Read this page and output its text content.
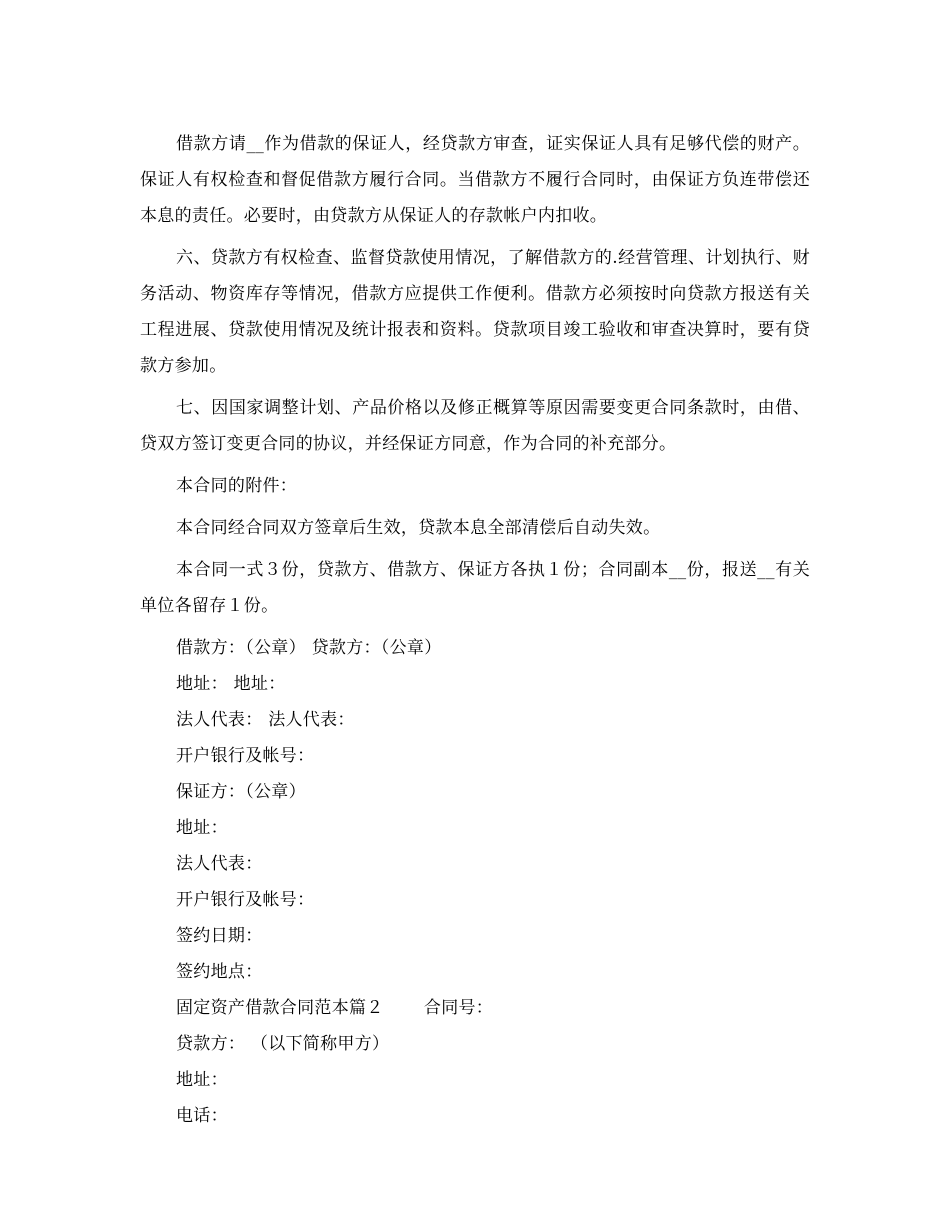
借款方请__作为借款的保证人，经贷款方审查，证实保证人具有足够代偿的财产。保证人有权检查和督促借款方履行合同。当借款方不履行合同时，由保证方负连带偿还本息的责任。必要时，由贷款方从保证人的存款帐户内扣收。

六、贷款方有权检查、监督贷款使用情况，了解借款方的.经营管理、计划执行、财务活动、物资库存等情况，借款方应提供工作便利。借款方必须按时向贷款方报送有关工程进展、贷款使用情况及统计报表和资料。贷款项目竣工验收和审查决算时，要有贷款方参加。

七、因国家调整计划、产品价格以及修正概算等原因需要变更合同条款时，由借、贷双方签订变更合同的协议，并经保证方同意，作为合同的补充部分。

本合同的附件：

本合同经合同双方签章后生效，贷款本息全部清偿后自动失效。

本合同一式３份，贷款方、借款方、保证方各执１份；合同副本__份，报送__有关单位各留存１份。

借款方：（公章） 贷款方：（公章）

地址： 地址：

法人代表： 法人代表：

开户银行及帐号：

保证方：（公章）

地址：

法人代表：

开户银行及帐号：

签约日期：

签约地点：

固定资产借款合同范本篇２　　 合同号：

贷款方： （以下简称甲方）

地址：

电话：
